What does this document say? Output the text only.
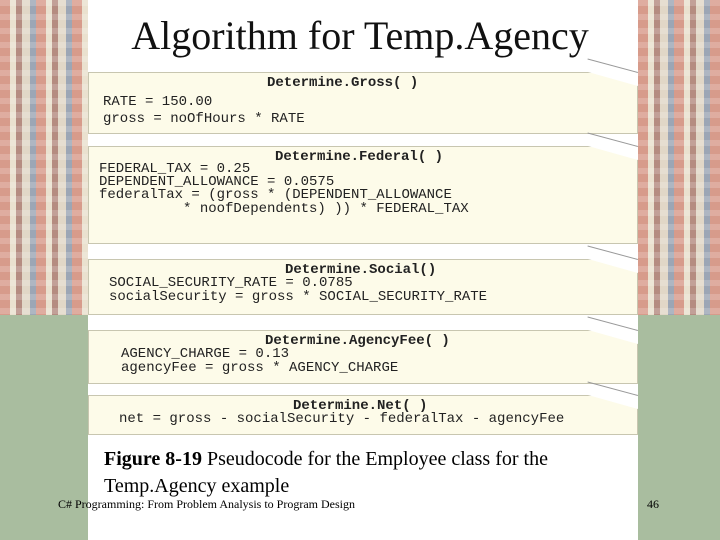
Algorithm for Temp.Agency
Determine.Gross( )
RATE = 150.00
gross = noOfHours * RATE
Determine.Federal( )
FEDERAL_TAX = 0.25
DEPENDENT_ALLOWANCE = 0.0575
federalTax = (gross * (DEPENDENT_ALLOWANCE
* noofDependents) )) * FEDERAL_TAX
Determine.Social()
SOCIAL_SECURITY_RATE = 0.0785
socialSecurity = gross * SOCIAL_SECURITY_RATE
Determine.AgencyFee( )
AGENCY_CHARGE = 0.13
agencyFee = gross * AGENCY_CHARGE
Determine.Net( )
net = gross - socialSecurity - federalTax - agencyFee
Figure 8-19 Pseudocode for the Employee class for the Temp.Agency example
C# Programming: From Problem Analysis to Program Design	46
